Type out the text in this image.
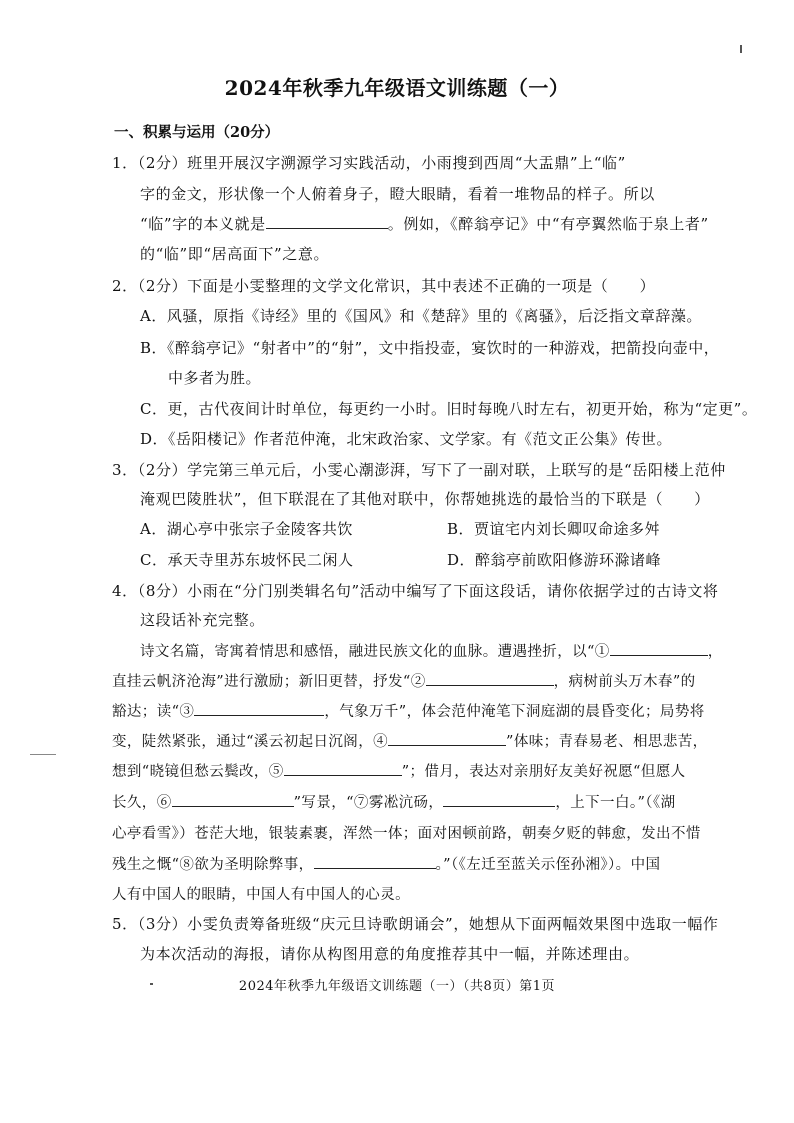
2024年秋季九年级语文训练题（一）
一、积累与运用（20分）
1．（2分）班里开展汉字溯源学习实践活动，小雨搜到西周“大盂鼎”上“临”
字的金文，形状像一个人俯着身子，瞪大眼睛，看着一堆物品的样子。所以
“临”字的本义就是	。例如，《醉翁亭记》中“有亭翼然临于泉上者”
的“临”即“居高面下”之意。
2．（2分）下面是小雯整理的文学文化常识，其中表述不正确的一项是（　　）
A．风骚，原指《诗经》里的《国风》和《楚辞》里的《离骚》，后泛指文章辞藻。
B．《醉翁亭记》“射者中”的“射”，文中指投壶，宴饮时的一种游戏，把箭投向壶中，
中多者为胜。
C．更，古代夜间计时单位，每更约一小时。旧时每晚八时左右，初更开始，称为“定更”。
D．《岳阳楼记》作者范仲淹，北宋政治家、文学家。有《范文正公集》传世。
3．（2分）学完第三单元后，小雯心潮澎湃，写下了一副对联，上联写的是“岳阳楼上范仲
淹观巴陵胜状”，但下联混在了其他对联中，你帮她挑选的最恰当的下联是（　　）
A．湖心亭中张宗子金陵客共饮	B．贾谊宅内刘长卿叹命途多舛
C．承天寺里苏东坡怀民二闲人	D．醉翁亭前欧阳修游环滁诸峰
4．（8分）小雨在“分门别类辑名句”活动中编写了下面这段话，请你依据学过的古诗文将
这段话补充完整。
诗文名篇，寄寓着情思和感悟，融进民族文化的血脉。遭遇挫折，以“①	，
直挂云帆济沧海”进行激励；新旧更替，抒发“②	，病树前头万木春”的
豁达；读“③	，气象万千”，体会范仲淹笔下洞庭湖的晨昏变化；局势将
变，陡然紧张，通过“溪云初起日沉阁，④	”体味；青春易老、相思悲苦，
想到“晓镜但愁云鬓改，⑤	”；借月，表达对亲朋好友美好祝愿“但愿人
长久，⑥	”写景，“⑦雾凇沆砀，	，上下一白。”（《湖
心亭看雪》）苍茫大地，银装素裹，浑然一体；面对困顿前路，朝奏夕贬的韩愈，发出不惜
残生之慨“⑧欲为圣明除弊事，	。”（《左迁至蓝关示侄孙湘》）。中国
人有中国人的眼睛，中国人有中国人的心灵。
5．（3分）小雯负责筹备班级“庆元旦诗歌朗诵会”，她想从下面两幅效果图中选取一幅作
为本次活动的海报，请你从构图用意的角度推荐其中一幅，并陈述理由。
2024年秋季九年级语文训练题（一）（共8页）第1页
